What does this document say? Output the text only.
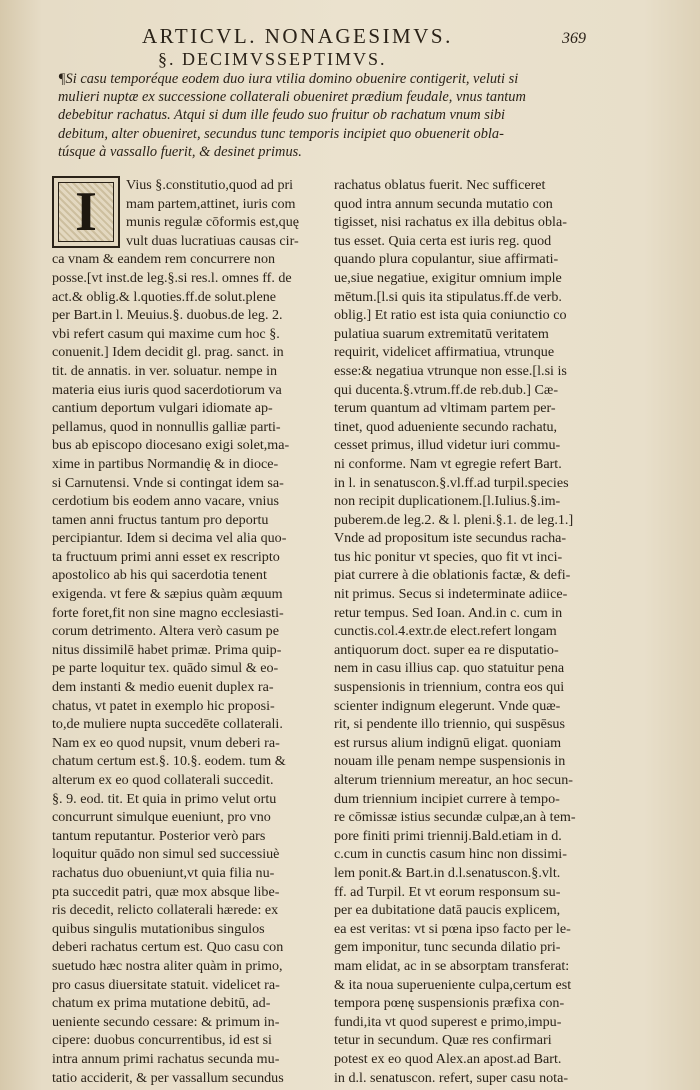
ARTICVL. NONAGESIMVS.	369
§. DECIMVSSEPTIMVS.
¶Si casu temporéque eodem duo iura vtilia domino obuenire contigerit, veluti si
mulieri nuptæ ex successione collaterali obueniret prædium feudale, vnus tantum
debebitur rachatus. Atqui si dum ille feudo suo fruitur ob rachatum vnum sibi
debitum, alter obueniret, secundus tunc temporis incipiet quo obuenerit obla-
túsque à vassallo fuerit, & desinet primus.
I	Vius §.constitutio,quod ad pri
mam partem,attinet, iuris com
munis regulæ cōformis est,quę
vult duas lucratiuas causas cir-
ca vnam & eandem rem concurrere non
posse.[vt inst.de leg.§.si res.l. omnes ff. de
act.& oblig.& l.quoties.ff.de solut.plene
per Bart.in l. Meuius.§. duobus.de leg. 2.
vbi refert casum qui maxime cum hoc §.
conuenit.] Idem decidit gl. prag. sanct. in
tit. de annatis. in ver. soluatur. nempe in
materia eius iuris quod sacerdotiorum va
cantium deportum vulgari idiomate ap-
pellamus, quod in nonnullis galliæ parti-
bus ab episcopo diocesano exigi solet,ma-
xime in partibus Normandię & in dioce-
si Carnutensi. Vnde si contingat idem sa-
cerdotium bis eodem anno vacare, vnius
tamen anni fructus tantum pro deportu
percipiantur. Idem si decima vel alia quo-
ta fructuum primi anni esset ex rescripto
apostolico ab his qui sacerdotia tenent
exigenda. vt fere & sæpius quàm æquum
forte foret,fit non sine magno ecclesiasti-
corum detrimento. Altera verò casum pe
nitus dissimilē habet primæ. Prima quip-
pe parte loquitur tex. quādo simul & eo-
dem instanti & medio euenit duplex ra-
chatus, vt patet in exemplo hic proposi-
to,de muliere nupta succedēte collaterali.
Nam ex eo quod nupsit, vnum deberi ra-
chatum certum est.§. 10.§. eodem. tum &
alterum ex eo quod collaterali succedit.
§. 9. eod. tit. Et quia in primo velut ortu
concurrunt simulque eueniunt, pro vno
tantum reputantur. Posterior verò pars
loquitur quādo non simul sed successiuè
rachatus duo obueniunt,vt quia filia nu-
pta succedit patri, quæ mox absque libe-
ris decedit, relicto collaterali hærede: ex
quibus singulis mutationibus singulos
deberi rachatus certum est. Quo casu con
suetudo hæc nostra aliter quàm in primo,
pro casus diuersitate statuit. videlicet ra-
chatum ex prima mutatione debitū, ad-
ueniente secundo cessare: & primum in-
cipere: duobus concurrentibus, id est si
intra annum primi rachatus secunda mu-
tatio acciderit, & per vassallum secundus
rachatus oblatus fuerit. Nec sufficeret
quod intra annum secunda mutatio con
tigisset, nisi rachatus ex illa debitus obla-
tus esset. Quia certa est iuris reg. quod
quando plura copulantur, siue affirmati-
ue,siue negatiue, exigitur omnium imple
mētum.[l.si quis ita stipulatus.ff.de verb.
oblig.] Et ratio est ista quia coniunctio co
pulatiua suarum extremitatū veritatem
requirit, videlicet affirmatiua, vtrunque
esse:& negatiua vtrunque non esse.[l.si is
qui ducenta.§.vtrum.ff.de reb.dub.] Cæ-
terum quantum ad vltimam partem per-
tinet, quod adueniente secundo rachatu,
cesset primus, illud videtur iuri commu-
ni conforme. Nam vt egregie refert Bart.
in l. in senatuscon.§.vl.ff.ad turpil.species
non recipit duplicationem.[l.Iulius.§.im-
puberem.de leg.2. & l. pleni.§.1. de leg.1.]
Vnde ad propositum iste secundus racha-
tus hic ponitur vt species, quo fit vt inci-
piat currere à die oblationis factæ, & defi-
nit primus. Secus si indeterminate adiice-
retur tempus. Sed Ioan. And.in c. cum in
cunctis.col.4.extr.de elect.refert longam
antiquorum doct. super ea re disputatio-
nem in casu illius cap. quo statuitur pena
suspensionis in triennium, contra eos qui
scienter indignum elegerunt. Vnde quæ-
rit, si pendente illo triennio, qui suspēsus
est rursus alium indignū eligat. quoniam
nouam ille penam nempe suspensionis in
alterum triennium mereatur, an hoc secun-
dum triennium incipiet currere à tempo-
re cōmissæ istius secundæ culpæ,an à tem-
pore finiti primi triennij.Bald.etiam in d.
c.cum in cunctis casum hinc non dissimi-
lem ponit.& Bart.in d.l.senatuscon.§.vlt.
ff. ad Turpil. Et vt eorum responsum su-
per ea dubitatione datā paucis explicem,
ea est veritas: vt si pœna ipso facto per le-
gem imponitur, tunc secunda dilatio pri-
mam elidat, ac in se absorptam transferat:
& ita noua superueniente culpa,certum est
tempora pœnę suspensionis præfixa con-
fundi,ita vt quod superest e primo,impu-
tetur in secundum. Quæ res confirmari
potest ex eo quod Alex.an apost.ad Bart.
in d.l. senatuscon. refert, super casu nota-
